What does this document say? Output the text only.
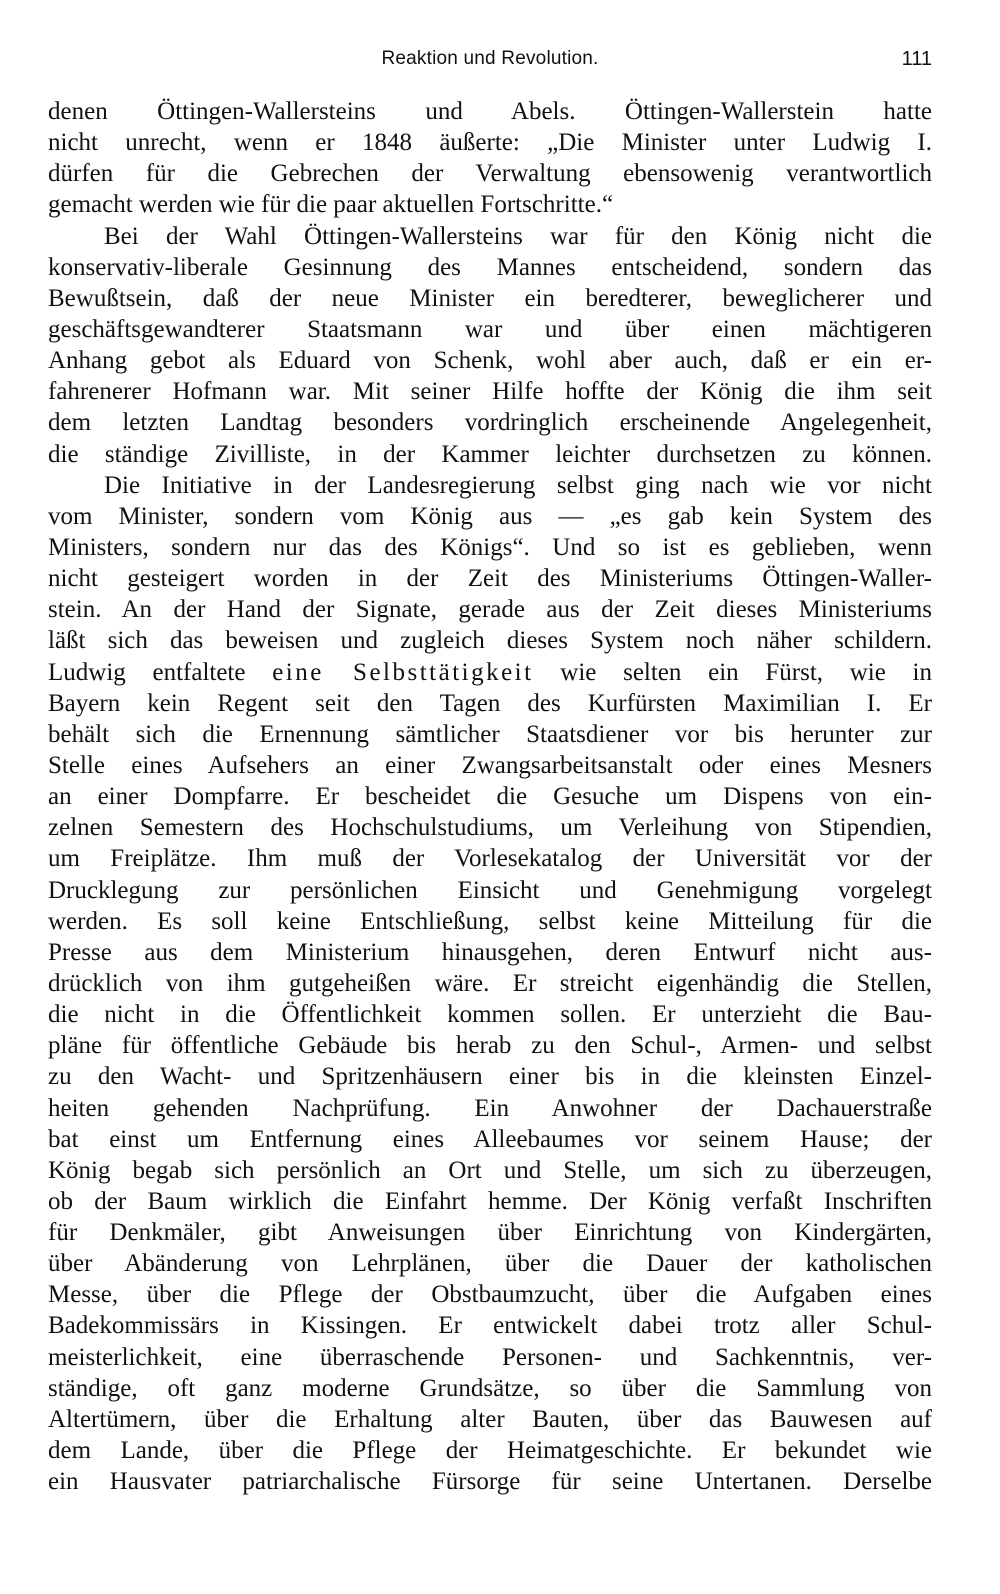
Reaktion und Revolution.	111
denen Öttingen-Wallersteins und Abels. Öttingen-Wallerstein hatte
nicht unrecht, wenn er 1848 äußerte: „Die Minister unter Ludwig I.
dürfen für die Gebrechen der Verwaltung ebensowenig verantwortlich
gemacht werden wie für die paar aktuellen Fortschritte.“
Bei der Wahl Öttingen-Wallersteins war für den König nicht die
konservativ-liberale Gesinnung des Mannes entscheidend, sondern das
Bewußtsein, daß der neue Minister ein beredterer, beweglicherer und
geschäftsgewandterer Staatsmann war und über einen mächtigeren
Anhang gebot als Eduard von Schenk, wohl aber auch, daß er ein er-
fahrenerer Hofmann war. Mit seiner Hilfe hoffte der König die ihm seit
dem letzten Landtag besonders vordringlich erscheinende Angelegenheit,
die ständige Zivilliste, in der Kammer leichter durchsetzen zu können.
Die Initiative in der Landesregierung selbst ging nach wie vor nicht
vom Minister, sondern vom König aus — „es gab kein System des
Ministers, sondern nur das des Königs“. Und so ist es geblieben, wenn
nicht gesteigert worden in der Zeit des Ministeriums Öttingen-Waller-
stein. An der Hand der Signate, gerade aus der Zeit dieses Ministeriums
läßt sich das beweisen und zugleich dieses System noch näher schildern.
Ludwig entfaltete eine Selbsttätigkeit wie selten ein Fürst, wie in
Bayern kein Regent seit den Tagen des Kurfürsten Maximilian I. Er
behält sich die Ernennung sämtlicher Staatsdiener vor bis herunter zur
Stelle eines Aufsehers an einer Zwangsarbeitsanstalt oder eines Mesners
an einer Dompfarre. Er bescheidet die Gesuche um Dispens von ein-
zelnen Semestern des Hochschulstudiums, um Verleihung von Stipendien,
um Freiplätze. Ihm muß der Vorlesekatalog der Universität vor der
Drucklegung zur persönlichen Einsicht und Genehmigung vorgelegt
werden. Es soll keine Entschließung, selbst keine Mitteilung für die
Presse aus dem Ministerium hinausgehen, deren Entwurf nicht aus-
drücklich von ihm gutgeheißen wäre. Er streicht eigenhändig die Stellen,
die nicht in die Öffentlichkeit kommen sollen. Er unterzieht die Bau-
pläne für öffentliche Gebäude bis herab zu den Schul-, Armen- und selbst
zu den Wacht- und Spritzenhäusern einer bis in die kleinsten Einzel-
heiten gehenden Nachprüfung. Ein Anwohner der Dachauerstraße
bat einst um Entfernung eines Alleebaumes vor seinem Hause; der
König begab sich persönlich an Ort und Stelle, um sich zu überzeugen,
ob der Baum wirklich die Einfahrt hemme. Der König verfaßt Inschriften
für Denkmäler, gibt Anweisungen über Einrichtung von Kindergärten,
über Abänderung von Lehrplänen, über die Dauer der katholischen
Messe, über die Pflege der Obstbaumzucht, über die Aufgaben eines
Badekommissärs in Kissingen. Er entwickelt dabei trotz aller Schul-
meisterlichkeit, eine überraschende Personen- und Sachkenntnis, ver-
ständige, oft ganz moderne Grundsätze, so über die Sammlung von
Altertümern, über die Erhaltung alter Bauten, über das Bauwesen auf
dem Lande, über die Pflege der Heimatgeschichte. Er bekundet wie
ein Hausvater patriarchalische Fürsorge für seine Untertanen. Derselbe
